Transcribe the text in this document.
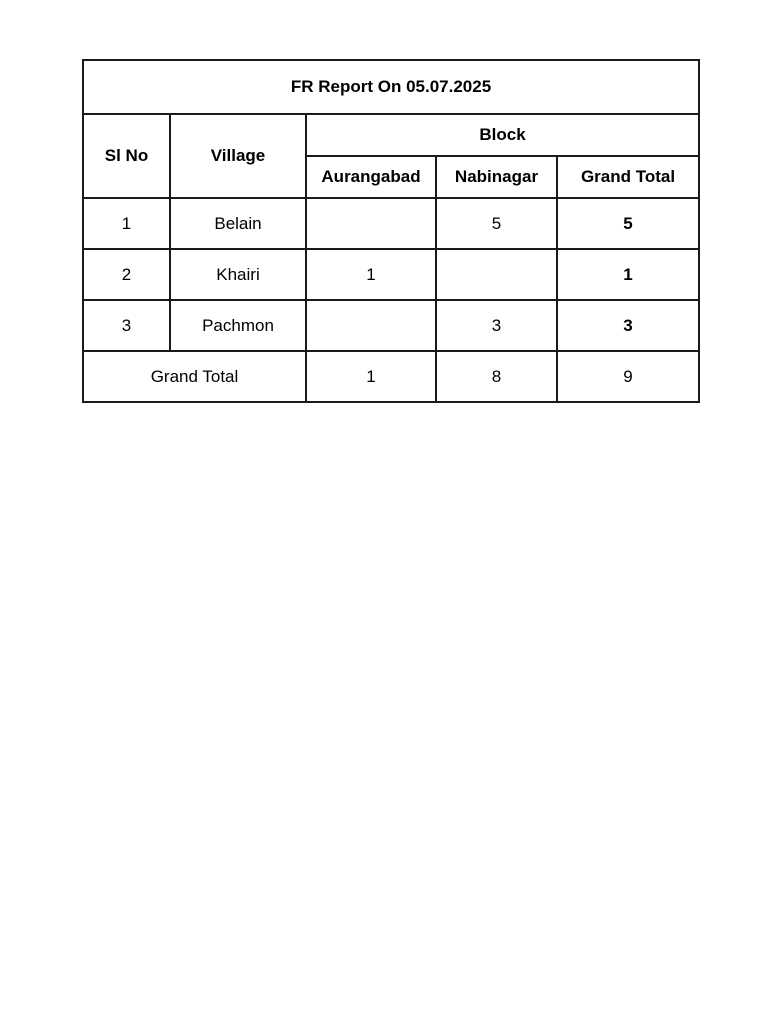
FR Report On 05.07.2025				
Sl No	Village	Block		
		Aurangabad	Nabinagar	Grand Total
1	Belain		5	5
2	Khairi	1		1
3	Pachmon		3	3
Grand Total		1	8	9
